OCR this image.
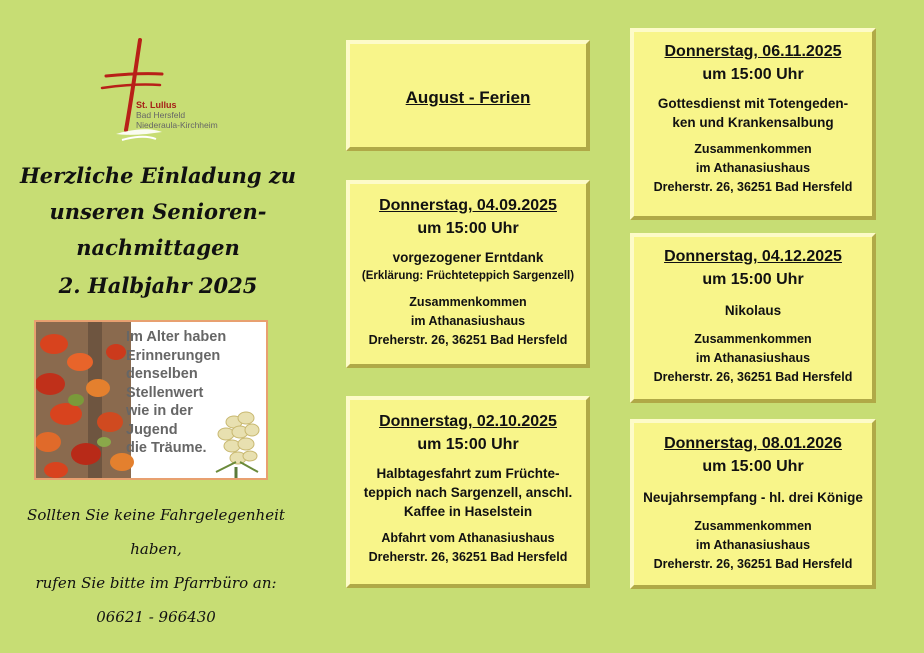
St. Lullus
Bad Hersfeld
Niederaula-Kirchheim
Herzliche Einladung zu
unseren Senioren-
nachmittagen
2. Halbjahr 2025
Im Alter haben
Erinnerungen
denselben
Stellenwert
wie in der
Jugend
die Träume.
Sollten Sie keine Fahrgelegenheit haben,
rufen Sie bitte im Pfarrbüro an:
06621 - 966430
August - Ferien
Donnerstag, 04.09.2025
um 15:00 Uhr
vorgezogener Erntdank
(Erklärung: Früchteteppich Sargenzell)
Zusammenkommen
im Athanasiushaus
Dreherstr. 26, 36251 Bad Hersfeld
Donnerstag, 02.10.2025
um 15:00 Uhr
Halbtagesfahrt zum Früchte-
teppich nach Sargenzell, anschl.
Kaffee in Haselstein
Abfahrt vom Athanasiushaus
Dreherstr. 26, 36251 Bad Hersfeld
Donnerstag, 06.11.2025
um 15:00 Uhr
Gottesdienst mit Totengeden-
ken und Krankensalbung
Zusammenkommen
im Athanasiushaus
Dreherstr. 26, 36251 Bad Hersfeld
Donnerstag, 04.12.2025
um 15:00 Uhr
Nikolaus
Zusammenkommen
im Athanasiushaus
Dreherstr. 26, 36251 Bad Hersfeld
Donnerstag, 08.01.2026
um 15:00 Uhr
Neujahrsempfang - hl. drei Könige
Zusammenkommen
im Athanasiushaus
Dreherstr. 26, 36251 Bad Hersfeld
